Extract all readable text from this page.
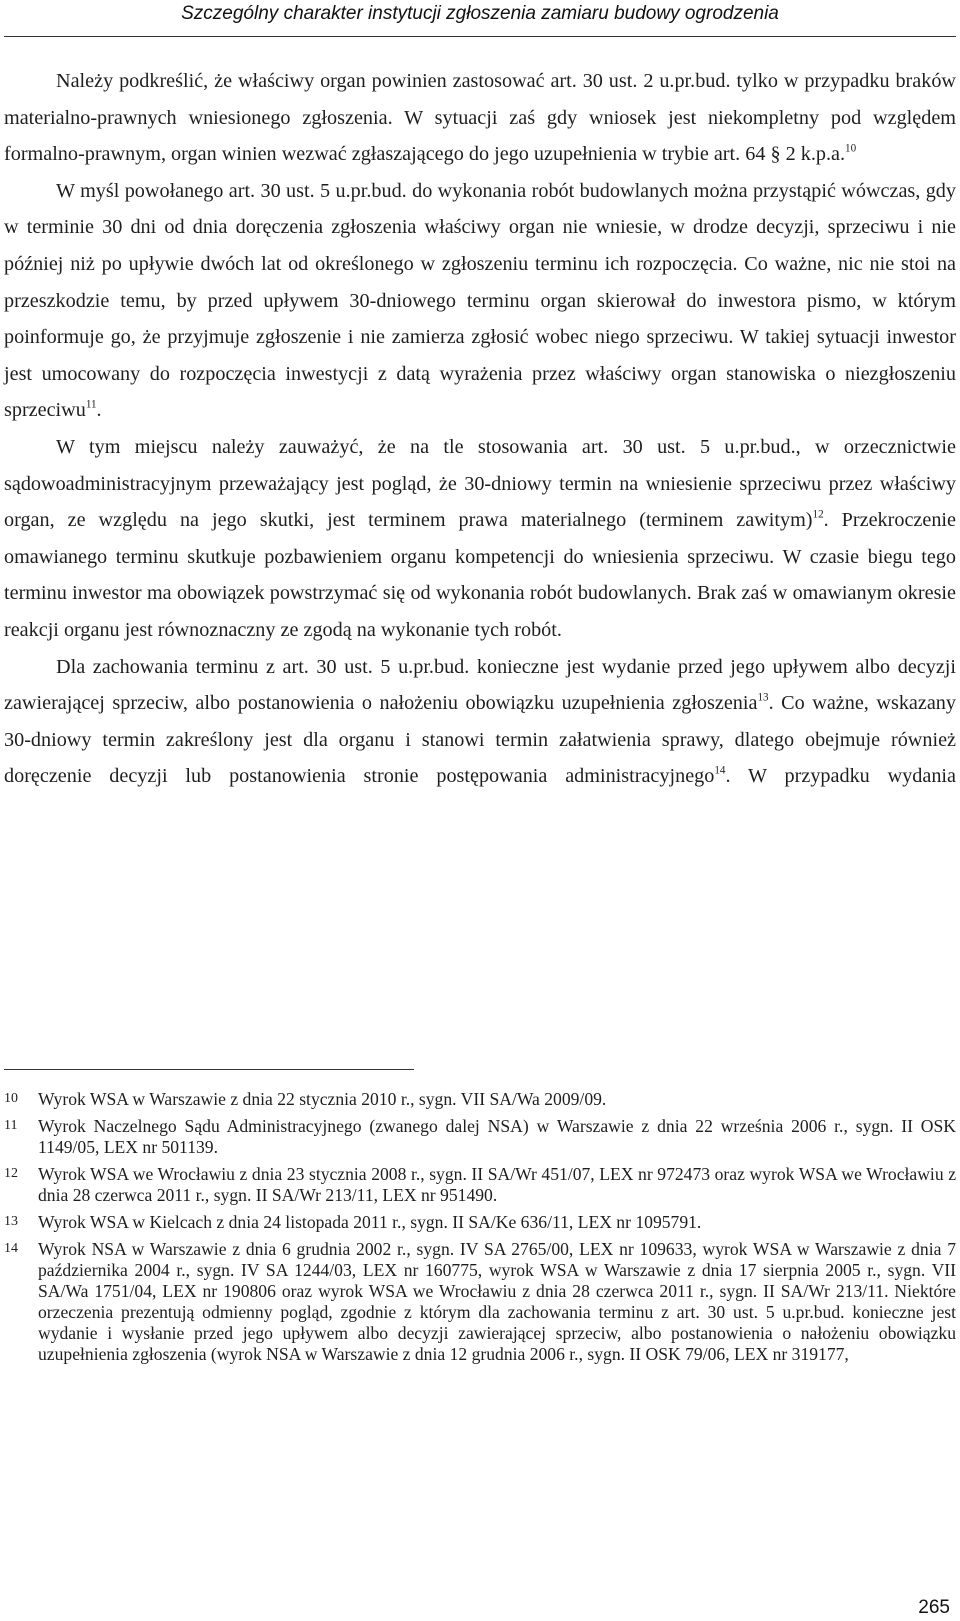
Szczególny charakter instytucji zgłoszenia zamiaru budowy ogrodzenia

Należy podkreślić, że właściwy organ powinien zastosować art. 30 ust. 2 u.pr.bud. tylko w przypadku braków materialno-prawnych wniesionego zgłoszenia. W sytuacji zaś gdy wniosek jest niekompletny pod względem formalno-prawnym, organ winien wezwać zgłaszającego do jego uzupełnienia w trybie art. 64 § 2 k.p.a.$^{10}$

W myśl powołanego art. 30 ust. 5 u.pr.bud. do wykonania robót budowlanych można przystąpić wówczas, gdy w terminie 30 dni od dnia doręczenia zgłoszenia właściwy organ nie wniesie, w drodze decyzji, sprzeciwu i nie później niż po upływie dwóch lat od określonego w zgłoszeniu terminu ich rozpoczęcia. Co ważne, nic nie stoi na przeszkodzie temu, by przed upływem 30-dniowego terminu organ skierował do inwestora pismo, w którym poinformuje go, że przyjmuje zgłoszenie i nie zamierza zgłosić wobec niego sprzeciwu. W takiej sytuacji inwestor jest umocowany do rozpoczęcia inwestycji z datą wyrażenia przez właściwy organ stanowiska o niezgłoszeniu sprzeciwu$^{11}$.

W tym miejscu należy zauważyć, że na tle stosowania art. 30 ust. 5 u.pr.bud., w orzecznictwie sądowoadministracyjnym przeważający jest pogląd, że 30-dniowy termin na wniesienie sprzeciwu przez właściwy organ, ze względu na jego skutki, jest terminem prawa materialnego (terminem zawitym)$^{12}$. Przekroczenie omawianego terminu skutkuje pozbawieniem organu kompetencji do wniesienia sprzeciwu. W czasie biegu tego terminu inwestor ma obowiązek powstrzymać się od wykonania robót budowlanych. Brak zaś w omawianym okresie reakcji organu jest równoznaczny ze zgodą na wykonanie tych robót.

Dla zachowania terminu z art. 30 ust. 5 u.pr.bud. konieczne jest wydanie przed jego upływem albo decyzji zawierającej sprzeciw, albo postanowienia o nałożeniu obowiązku uzupełnienia zgłoszenia$^{13}$. Co ważne, wskazany 30-dniowy termin zakreślony jest dla organu i stanowi termin załatwienia sprawy, dlatego obejmuje również doręczenie decyzji lub postanowienia stronie postępowania administracyjnego$^{14}$. W przypadku wydania

10 Wyrok WSA w Warszawie z dnia 22 stycznia 2010 r., sygn. VII SA/Wa 2009/09.
11 Wyrok Naczelnego Sądu Administracyjnego (zwanego dalej NSA) w Warszawie z dnia 22 września 2006 r., sygn. II OSK 1149/05, LEX nr 501139.
12 Wyrok WSA we Wrocławiu z dnia 23 stycznia 2008 r., sygn. II SA/Wr 451/07, LEX nr 972473 oraz wyrok WSA we Wrocławiu z dnia 28 czerwca 2011 r., sygn. II SA/Wr 213/11, LEX nr 951490.
13 Wyrok WSA w Kielcach z dnia 24 listopada 2011 r., sygn. II SA/Ke 636/11, LEX nr 1095791.
14 Wyrok NSA w Warszawie z dnia 6 grudnia 2002 r., sygn. IV SA 2765/00, LEX nr 109633, wyrok WSA w Warszawie z dnia 7 października 2004 r., sygn. IV SA 1244/03, LEX nr 160775, wyrok WSA w Warszawie z dnia 17 sierpnia 2005 r., sygn. VII SA/Wa 1751/04, LEX nr 190806 oraz wyrok WSA we Wrocławiu z dnia 28 czerwca 2011 r., sygn. II SA/Wr 213/11. Niektóre orzeczenia prezentują odmienny pogląd, zgodnie z którym dla zachowania terminu z art. 30 ust. 5 u.pr.bud. konieczne jest wydanie i wysłanie przed jego upływem albo decyzji zawierającej sprzeciw, albo postanowienia o nałożeniu obowiązku uzupełnienia zgłoszenia (wyrok NSA w Warszawie z dnia 12 grudnia 2006 r., sygn. II OSK 79/06, LEX nr 319177,
265
